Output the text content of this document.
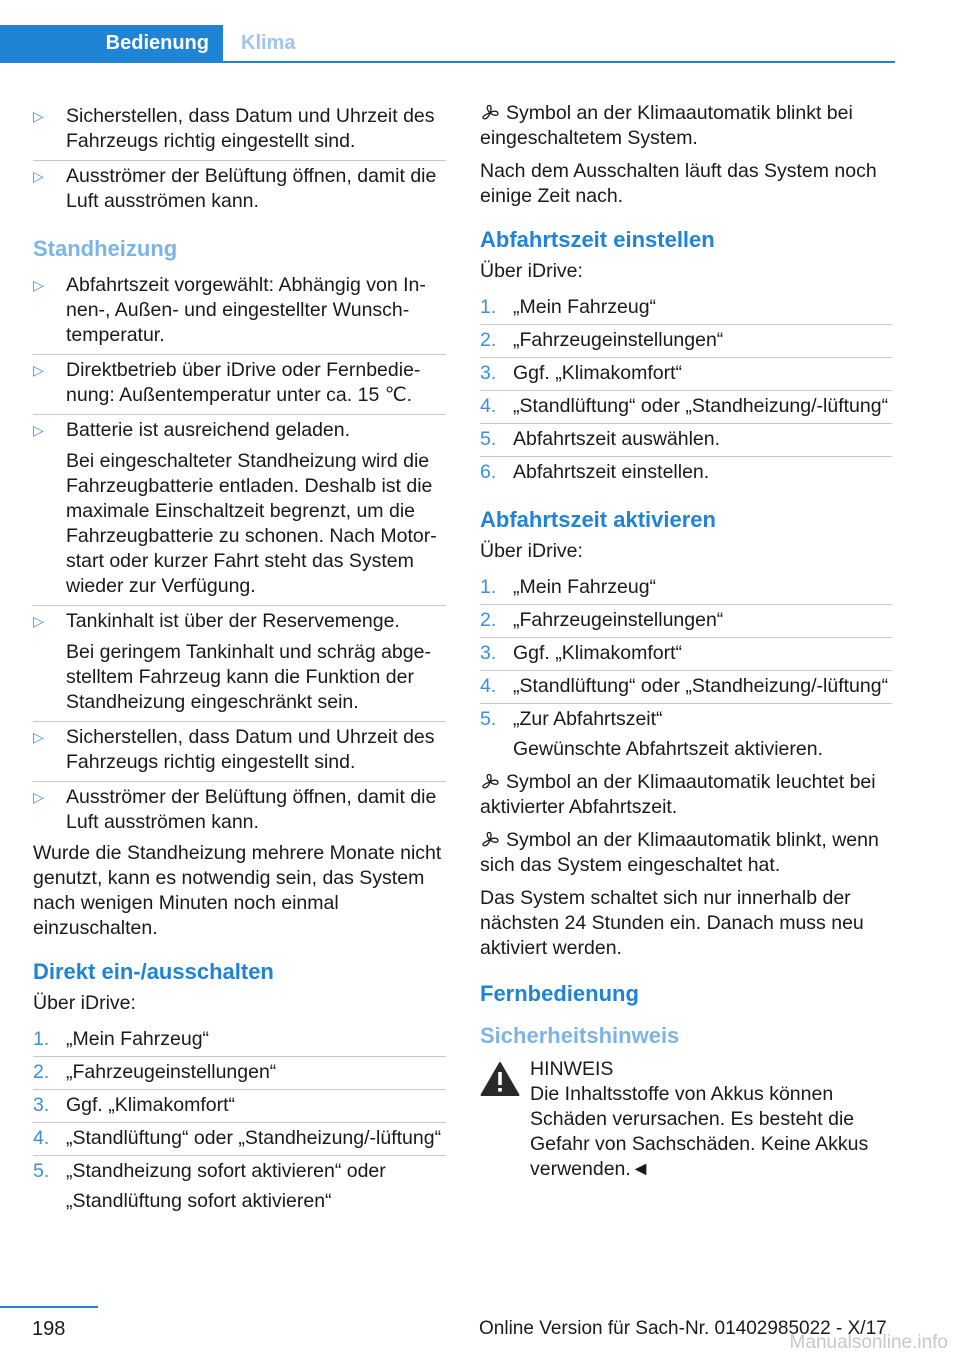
Bedienung	Klima
▷ Sicherstellen, dass Datum und Uhrzeit des Fahrzeugs richtig eingestellt sind.

▷ Ausströmer der Belüftung öffnen, damit die Luft ausströmen kann.

Standheizung
▷ Abfahrtszeit vorgewählt: Abhängig von In-nen-, Außen- und eingestellter Wunsch-temperatur.

▷ Direktbetrieb über iDrive oder Fernbedie-nung: Außentemperatur unter ca. 15 ℃.

▷ Batterie ist ausreichend geladen.

Bei eingeschalteter Standheizung wird die Fahrzeugbatterie entladen. Deshalb ist die maximale Einschaltzeit begrenzt, um die Fahrzeugbatterie zu schonen. Nach Motor-start oder kurzer Fahrt steht das System wieder zur Verfügung.

▷ Tankinhalt ist über der Reservemenge.

Bei geringem Tankinhalt und schräg abge-stelltem Fahrzeug kann die Funktion der Standheizung eingeschränkt sein.

▷ Sicherstellen, dass Datum und Uhrzeit des Fahrzeugs richtig eingestellt sind.

▷ Ausströmer der Belüftung öffnen, damit die Luft ausströmen kann.

Wurde die Standheizung mehrere Monate nicht genutzt, kann es notwendig sein, das System nach wenigen Minuten noch einmal einzuschalten.

Direkt ein-/ausschalten

Über iDrive:

1. „Mein Fahrzeug“

2. „Fahrzeugeinstellungen“

3. Ggf. „Klimakomfort“

4. „Standlüftung“ oder „Standheizung/-lüftung“

5. „Standheizung sofort aktivieren“ oder

„Standlüftung sofort aktivieren“

Symbol an der Klimaautomatik blinkt bei eingeschaltetem System.

Nach dem Ausschalten läuft das System noch einige Zeit nach.

Abfahrtszeit einstellen

Über iDrive:

1. „Mein Fahrzeug“

2. „Fahrzeugeinstellungen“

3. Ggf. „Klimakomfort“

4. „Standlüftung“ oder „Standheizung/-lüftung“

5. Abfahrtszeit auswählen.

6. Abfahrtszeit einstellen.

Abfahrtszeit aktivieren

Über iDrive:

1. „Mein Fahrzeug“

2. „Fahrzeugeinstellungen“

3. Ggf. „Klimakomfort“

4. „Standlüftung“ oder „Standheizung/-lüftung“

5. „Zur Abfahrtszeit“

Gewünschte Abfahrtszeit aktivieren.

Symbol an der Klimaautomatik leuchtet bei aktivierter Abfahrtszeit.

Symbol an der Klimaautomatik blinkt, wenn sich das System eingeschaltet hat.

Das System schaltet sich nur innerhalb der nächsten 24 Stunden ein. Danach muss neu aktiviert werden.

Fernbedienung
Sicherheitshinweis

HINWEIS

Die Inhaltsstoffe von Akkus können

Schäden verursachen. Es besteht die Gefahr von Sachschäden. Keine Akkus verwenden.◄

198	Online Version für Sach-Nr. 01402985022 - X/17
Manualsonline.info
